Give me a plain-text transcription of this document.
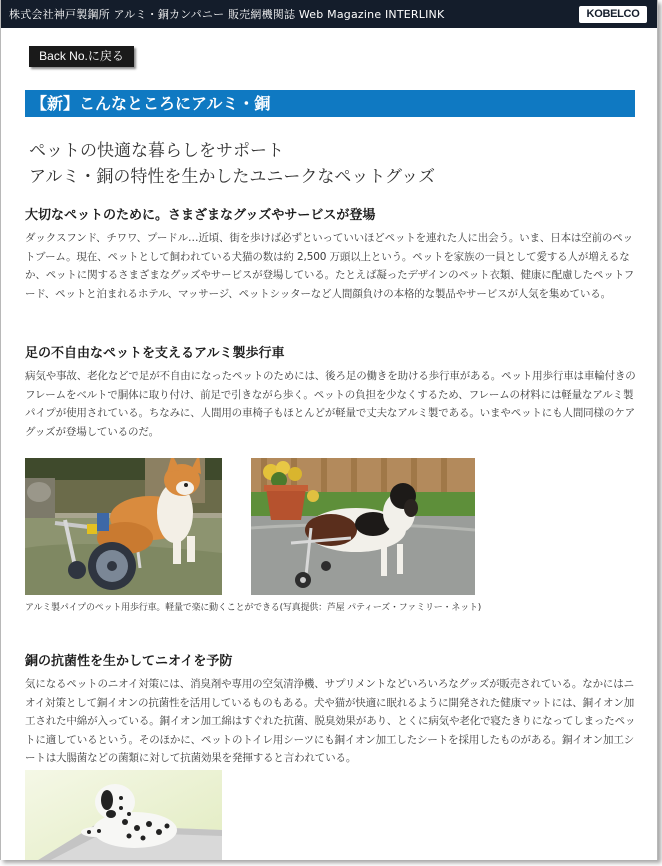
株式会社神戸製鋼所 アルミ・銅カンパニー 販売網機関誌 Web Magazine INTERLINK	KOBELCO
Back No.に戻る
【新】こんなところにアルミ・銅
ペットの快適な暮らしをサポート
アルミ・銅の特性を生かしたユニークなペットグッズ
大切なペットのために。さまざまなグッズやサービスが登場
ダックスフンド、チワワ、プードル…近頃、街を歩けば必ずといっていいほどペットを連れた人に出会う。いま、日本は空前のペットブーム。現在、ペットとして飼われている犬猫の数は約 2,500 万頭以上という。ペットを家族の一員として愛する人が増えるなか、ペットに関するさまざまなグッズやサービスが登場している。たとえば凝ったデザインのペット衣類、健康に配慮したペットフード、ペットと泊まれるホテル、マッサージ、ペットシッターなど人間顔負けの本格的な製品やサービスが人気を集めている。
足の不自由なペットを支えるアルミ製歩行車
病気や事故、老化などで足が不自由になったペットのためには、後ろ足の働きを助ける歩行車がある。ペット用歩行車は車輪付きのフレームをベルトで胴体に取り付け、前足で引きながら歩く。ペットの負担を少なくするため、フレームの材料には軽量なアルミ製パイプが使用されている。ちなみに、人間用の車椅子もほとんどが軽量で丈夫なアルミ製である。いまやペットにも人間同様のケアグッズが登場しているのだ。
アルミ製パイプのペット用歩行車。軽量で楽に動くことができる(写真提供：芦屋 パティーズ・ファミリー・ネット)
銅の抗菌性を生かしてニオイを予防
気になるペットのニオイ対策には、消臭剤や専用の空気清浄機、サプリメントなどいろいろなグッズが販売されている。なかにはニオイ対策として銅イオンの抗菌性を活用しているものもある。犬や猫が快適に眠れるように開発された健康マットには、銅イオン加工された中綿が入っている。銅イオン加工綿はすぐれた抗菌、脱臭効果があり、とくに病気や老化で寝たきりになってしまったペットに適しているという。そのほかに、ペットのトイレ用シーツにも銅イオン加工したシートを採用したものがある。銅イオン加工シートは大腸菌などの菌類に対して抗菌効果を発揮すると言われている。
